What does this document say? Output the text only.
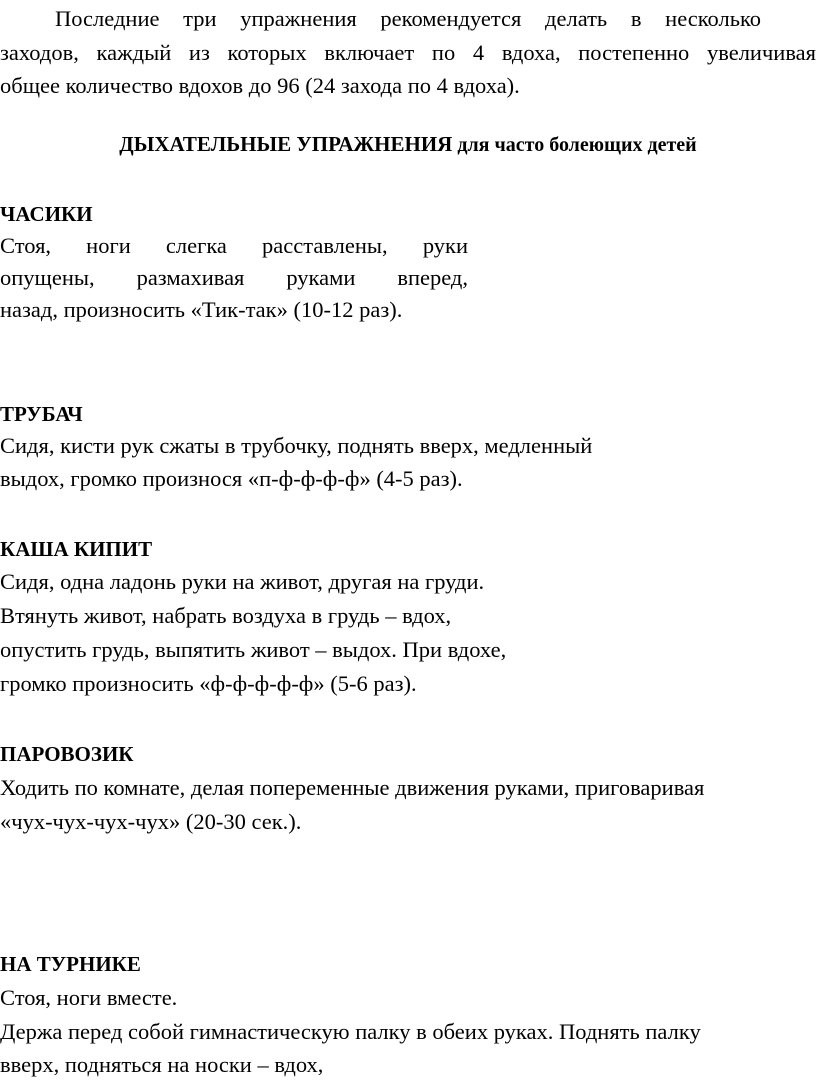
Последние три упражнения рекомендуется делать в несколько
заходов, каждый из которых включает по 4 вдоха, постепенно увеличивая
общее количество вдохов до 96 (24 захода по 4 вдоха).
ДЫХАТЕЛЬНЫЕ УПРАЖНЕНИЯ для часто болеющих детей
ЧАСИКИ
Стоя, ноги слегка расставлены, руки
опущены, размахивая руками вперед,
назад, произносить «Тик-так» (10-12 раз).
ТРУБАЧ
Сидя, кисти рук сжаты в трубочку, поднять вверх, медленный
выдох, громко произнося «п-ф-ф-ф-ф» (4-5 раз).
КАША КИПИТ
Сидя, одна ладонь руки на живот, другая на груди.
Втянуть живот, набрать воздуха в грудь – вдох,
опустить грудь, выпятить живот – выдох. При вдохе,
громко произносить «ф-ф-ф-ф-ф» (5-6 раз).
ПАРОВОЗИК
Ходить по комнате, делая попеременные движения руками, приговаривая
«чух-чух-чух-чух» (20-30 сек.).
НА ТУРНИКЕ
Стоя, ноги вместе.
Держа перед собой гимнастическую палку в обеих руках. Поднять палку
вверх, подняться на носки – вдох,
